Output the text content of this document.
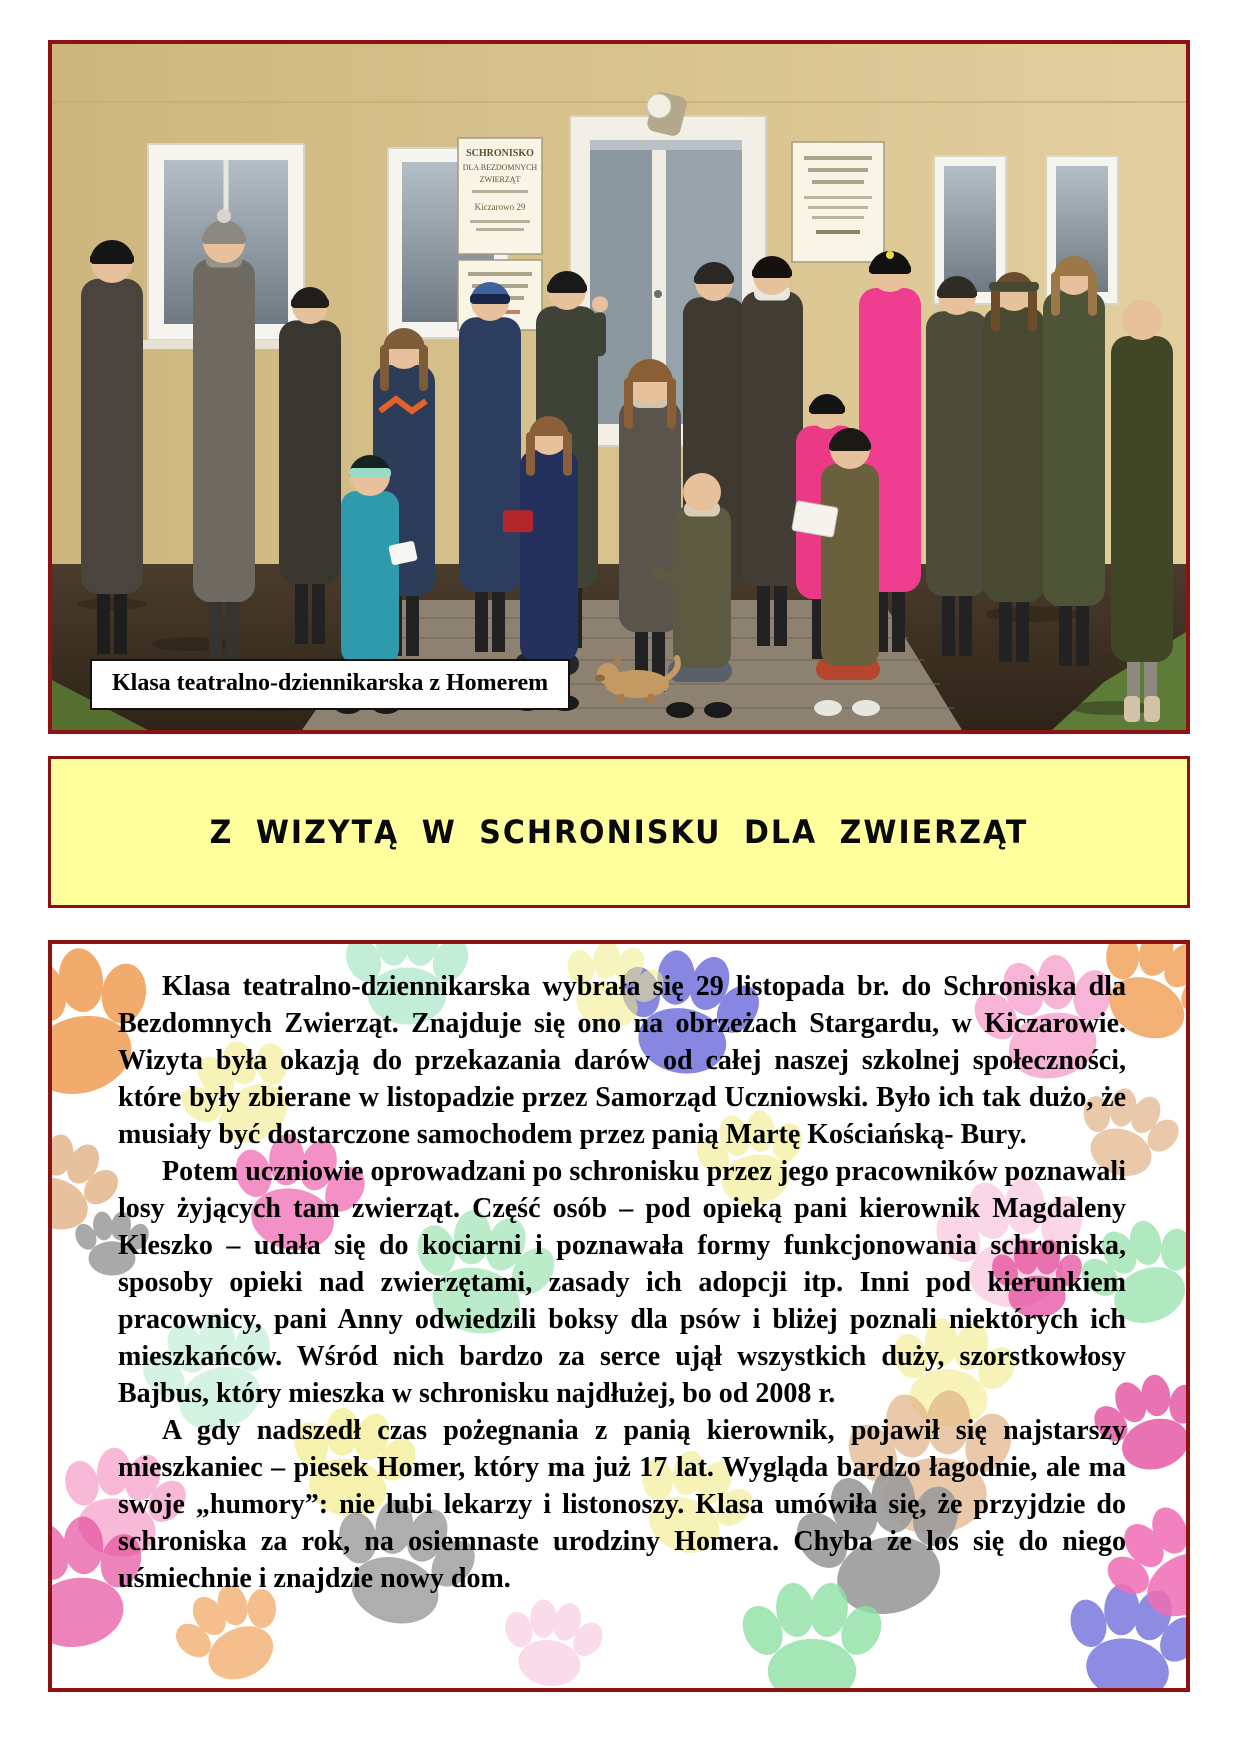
SCHRONISKO
DLA BEZDOMNYCH
ZWIERZĄT
Kiczarowo 29
Klasa teatralno-dziennikarska z Homerem
Z WIZYTĄ W SCHRONISKU DLA ZWIERZĄT

Klasa teatralno-dziennikarska wybrała się 29 listopada br. do Schroniska dla Bezdomnych Zwierząt. Znajduje się ono na obrzeżach Stargardu, w Kiczarowie. Wizyta była okazją do przekazania darów od całej naszej szkolnej społeczności, które były zbierane w listopadzie przez Samorząd Uczniowski. Było ich tak dużo, że musiały być dostarczone samochodem przez panią Martę Kościańską- Bury.

Potem uczniowie oprowadzani po schronisku przez jego pracowników poznawali losy żyjących tam zwierząt. Część osób – pod opieką pani kierownik Magdaleny Kleszko – udała się do kociarni i poznawała formy funkcjonowania schroniska, sposoby opieki nad zwierzętami, zasady ich adopcji itp. Inni pod kierunkiem pracownicy, pani Anny odwiedzili boksy dla psów i bliżej poznali niektórych ich mieszkańców. Wśród nich bardzo za serce ujął wszystkich duży, szorstkowłosy Bajbus, który mieszka w schronisku najdłużej, bo od 2008 r.

A gdy nadszedł czas pożegnania z panią kierownik, pojawił się najstarszy mieszkaniec – piesek Homer, który ma już 17 lat. Wygląda bardzo łagodnie, ale ma swoje „humory”: nie lubi lekarzy i listonoszy. Klasa umówiła się, że przyjdzie do schroniska za rok, na osiemnaste urodziny Homera. Chyba że los się do niego uśmiechnie i znajdzie nowy dom.
